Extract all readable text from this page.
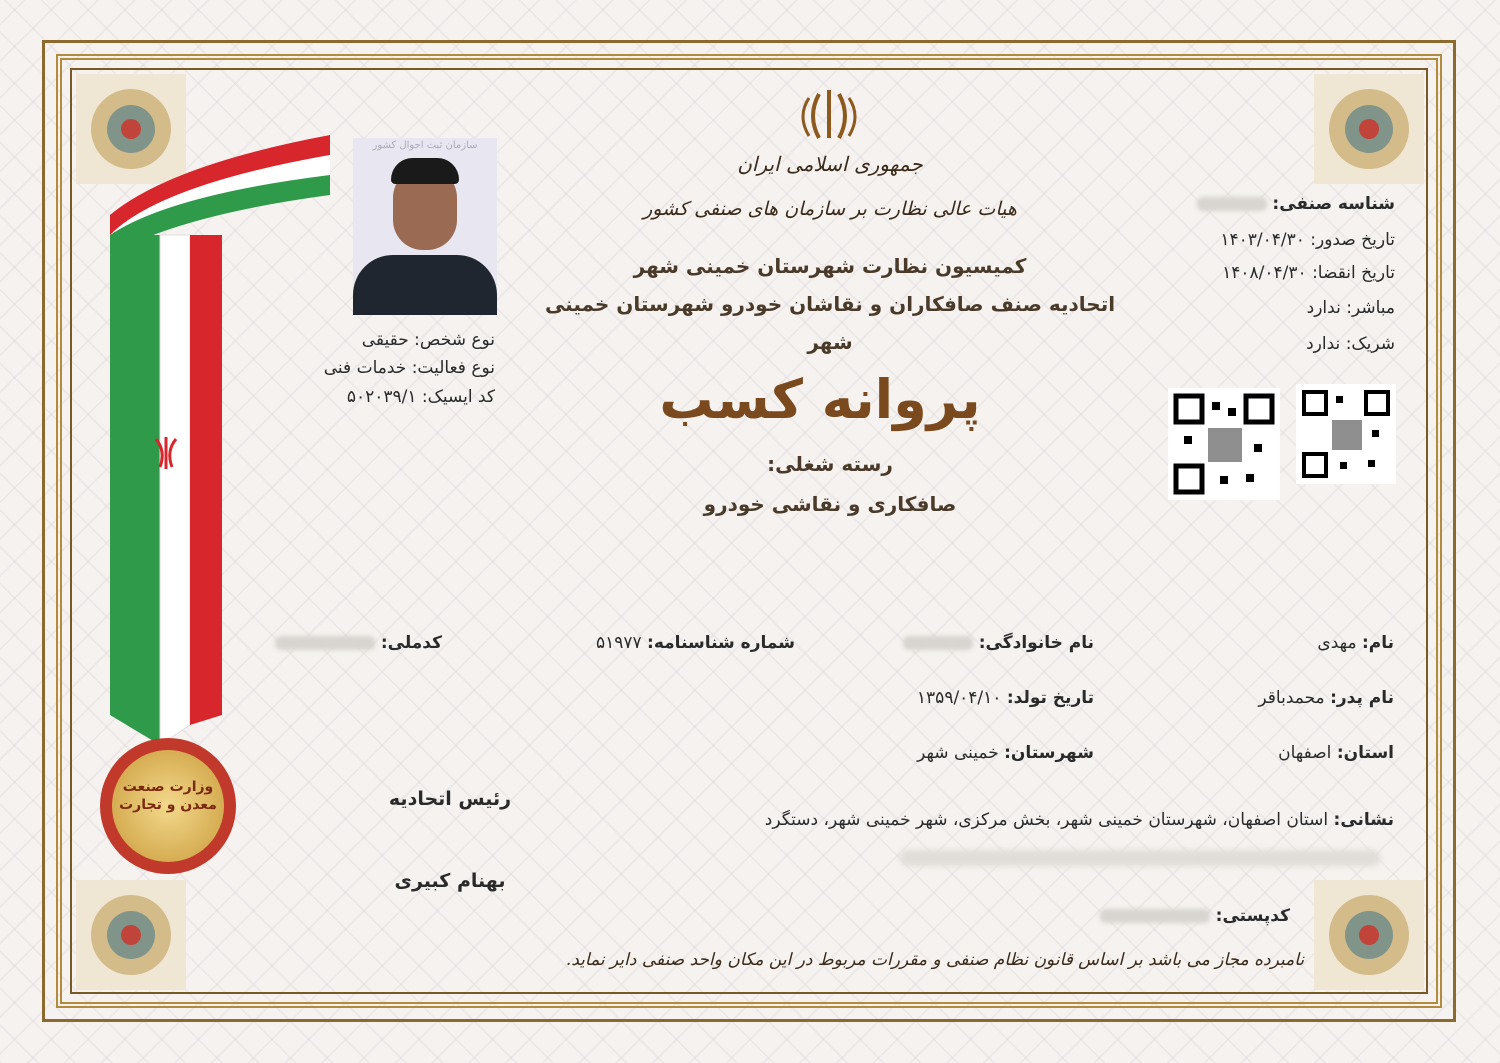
وزارت صنعت معدن و تجارت
جمهوری اسلامی ایران
هیات عالی نظارت بر سازمان های صنفی کشور
کمیسیون نظارت شهرستان خمینی شهر
اتحادیه صنف صافکاران و نقاشان خودرو شهرستان خمینی
شهر
پروانه کسب
رسته شغلی:
صافکاری و نقاشی خودرو
شناسه صنفی:
تاریخ صدور: ۱۴۰۳/۰۴/۳۰
تاریخ انقضا: ۱۴۰۸/۰۴/۳۰
مباشر: ندارد
شریک: ندارد
سازمان ثبت احوال کشور
نوع شخص: حقیقی
نوع فعالیت: خدمات فنی
کد ایسیک: ۵۰۲۰۳۹/۱
نام: مهدی
نام خانوادگی:
شماره شناسنامه: ۵۱۹۷۷
کدملی:
نام پدر: محمدباقر
تاریخ تولد: ۱۳۵۹/۰۴/۱۰
استان: اصفهان
شهرستان: خمینی شهر
نشانی: استان اصفهان، شهرستان خمینی شهر، بخش مرکزی، شهر خمینی شهر، دستگرد
کدپستی:
رئیس اتحادیه
بهنام کبیری
نامبرده مجاز می باشد بر اساس قانون نظام صنفی و مقررات مربوط در این مکان واحد صنفی دایر نماید.
